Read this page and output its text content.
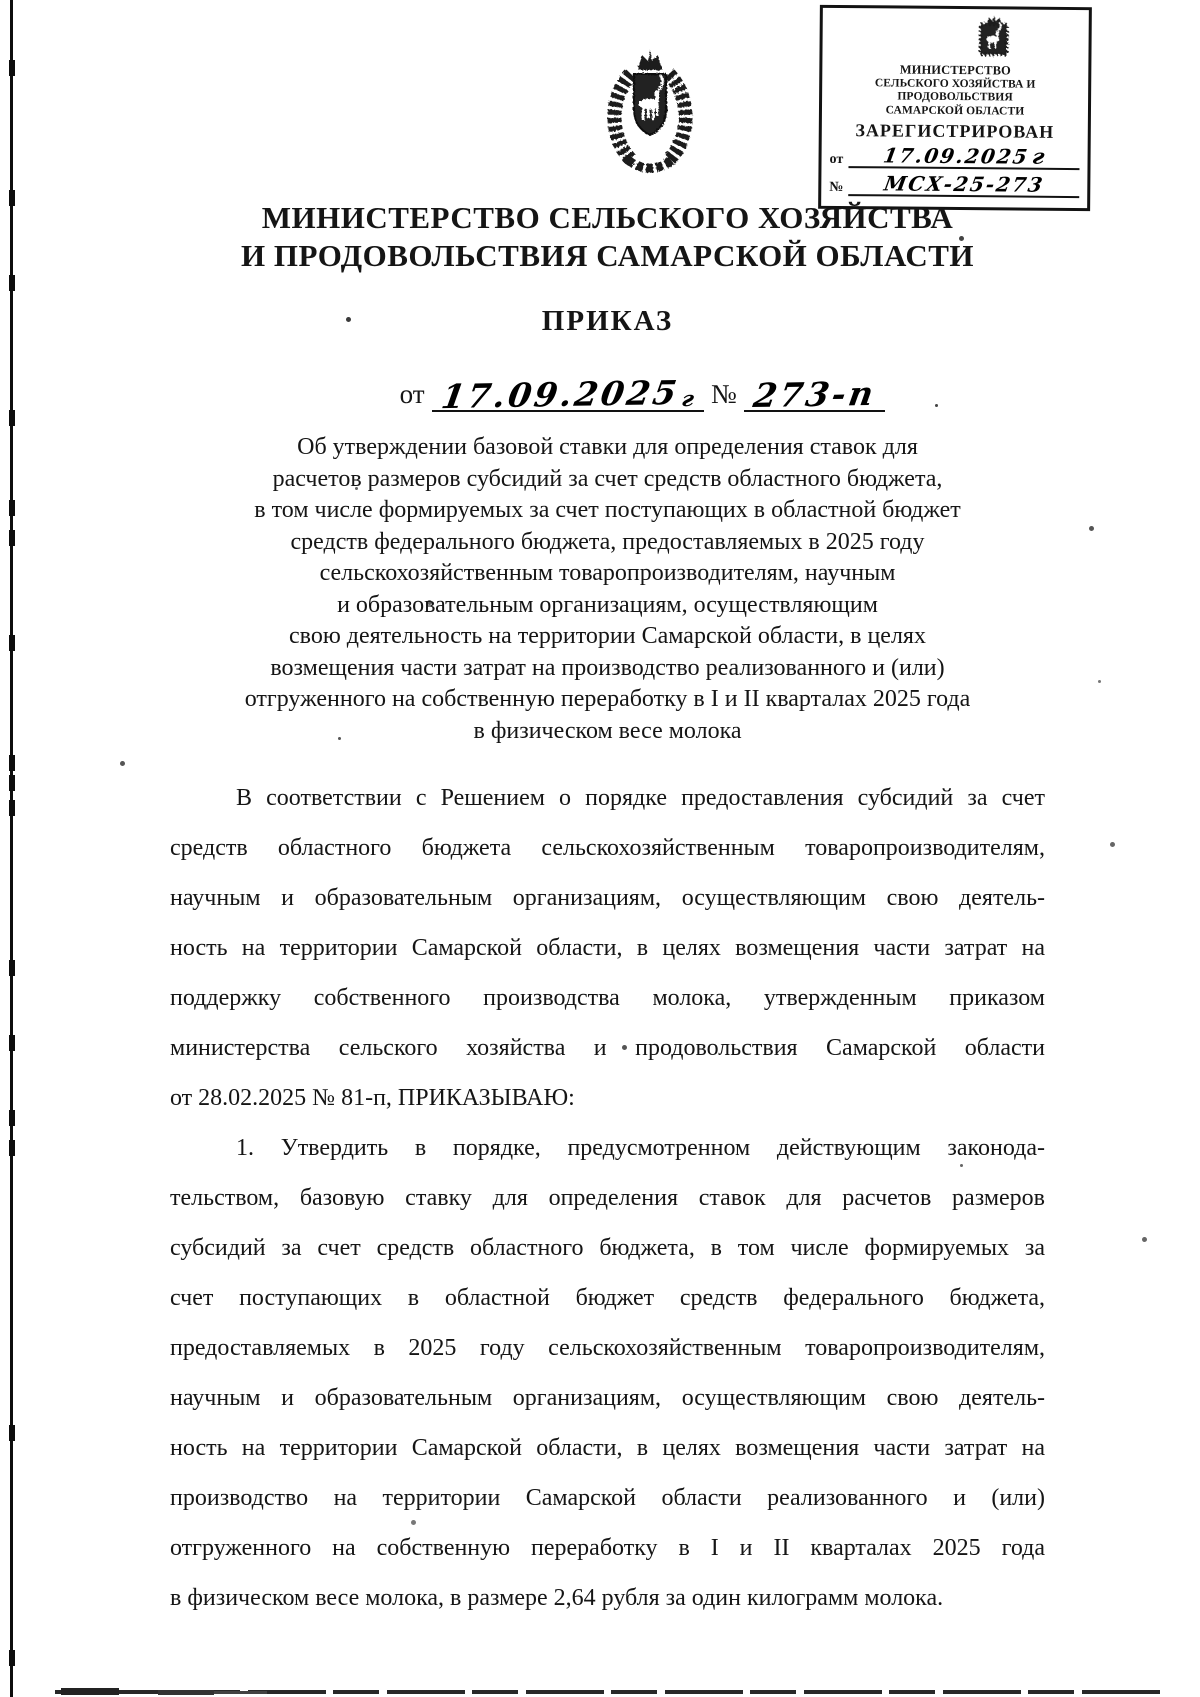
МИНИСТЕРСТВО
СЕЛЬСКОГО ХОЗЯЙСТВА И ПРОДОВОЛЬСТВИЯ
САМАРСКОЙ ОБЛАСТИ
ЗАРЕГИСТРИРОВАН
от	17.09.2025г
№	МСХ-25-273
МИНИСТЕРСТВО СЕЛЬСКОГО ХОЗЯЙСТВА
И ПРОДОВОЛЬСТВИЯ САМАРСКОЙ ОБЛАСТИ
ПРИКАЗ
от 17.09.2025г № 273-п
Об утверждении базовой ставки для определения ставок для
расчетов размеров субсидий за счет средств областного бюджета,
в том числе формируемых за счет поступающих в областной бюджет
средств федерального бюджета, предоставляемых в 2025 году
сельскохозяйственным товаропроизводителям, научным
и образовательным организациям, осуществляющим
свою деятельность на территории Самарской области, в целях
возмещения части затрат на производство реализованного и (или)
отгруженного на собственную переработку в I и II кварталах 2025 года
в физическом весе молока
В соответствии с Решением о порядке предоставления субсидий за счет
средств областного бюджета сельскохозяйственным товаропроизводителям,
научным и образовательным организациям, осуществляющим свою деятель-
ность на территории Самарской области, в целях возмещения части затрат на
поддержку собственного производства молока, утвержденным приказом
министерства сельского хозяйства и продовольствия Самарской области
от 28.02.2025 № 81-п, ПРИКАЗЫВАЮ:
1. Утвердить в порядке, предусмотренном действующим законода-
тельством, базовую ставку для определения ставок для расчетов размеров
субсидий за счет средств областного бюджета, в том числе формируемых за
счет поступающих в областной бюджет средств федерального бюджета,
предоставляемых в 2025 году сельскохозяйственным товаропроизводителям,
научным и образовательным организациям, осуществляющим свою деятель-
ность на территории Самарской области, в целях возмещения части затрат на
производство на территории Самарской области реализованного и (или)
отгруженного на собственную переработку в I и II кварталах 2025 года
в физическом весе молока, в размере 2,64 рубля за один килограмм молока.
